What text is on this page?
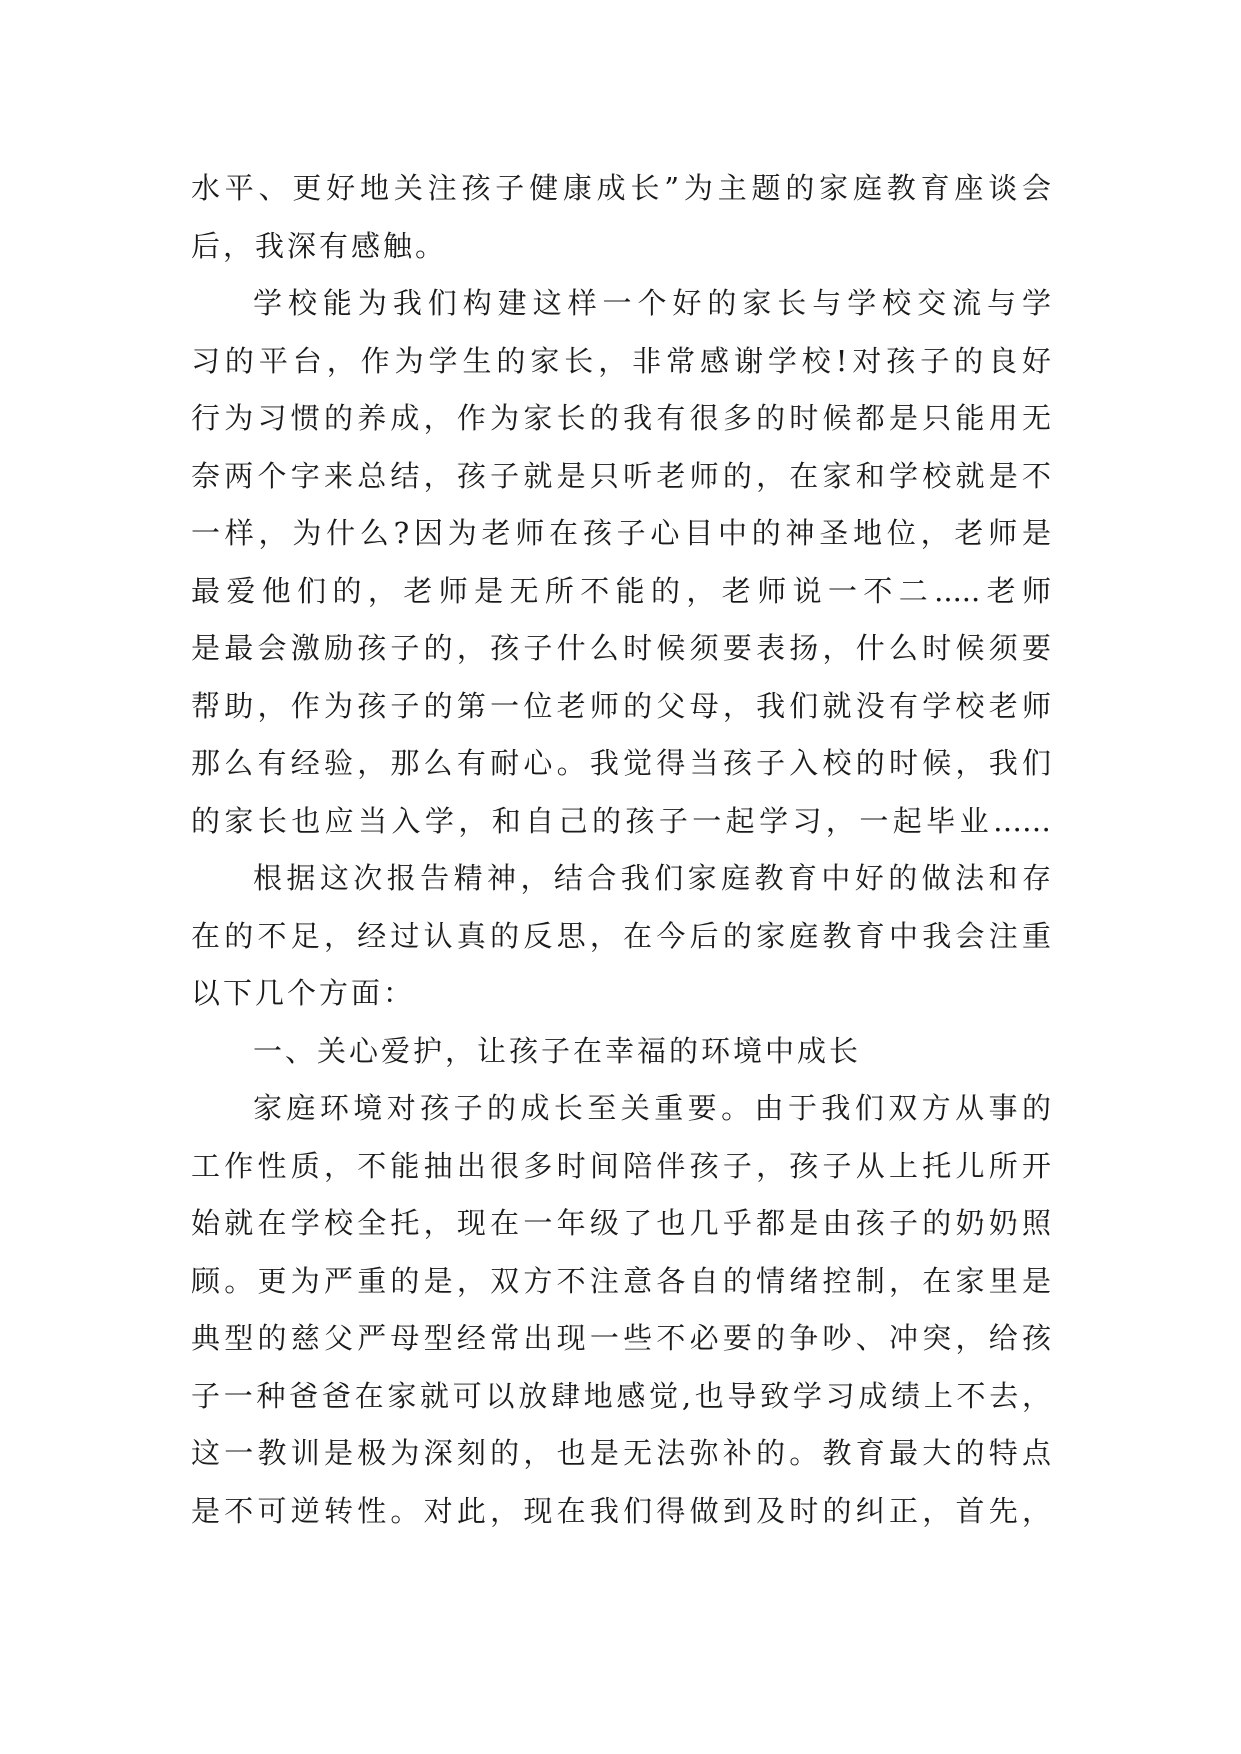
水平、更好地关注孩子健康成长”为主题的家庭教育座谈会
后，我深有感触。
学校能为我们构建这样一个好的家长与学校交流与学
习的平台，作为学生的家长，非常感谢学校!对孩子的良好
行为习惯的养成，作为家长的我有很多的时候都是只能用无
奈两个字来总结，孩子就是只听老师的，在家和学校就是不
一样，为什么?因为老师在孩子心目中的神圣地位，老师是
最爱他们的，老师是无所不能的，老师说一不二.....老师
是最会激励孩子的，孩子什么时候须要表扬，什么时候须要
帮助，作为孩子的第一位老师的父母，我们就没有学校老师
那么有经验，那么有耐心。我觉得当孩子入校的时候，我们
的家长也应当入学，和自己的孩子一起学习，一起毕业……
根据这次报告精神，结合我们家庭教育中好的做法和存
在的不足，经过认真的反思，在今后的家庭教育中我会注重
以下几个方面：
一、关心爱护，让孩子在幸福的环境中成长
家庭环境对孩子的成长至关重要。由于我们双方从事的
工作性质，不能抽出很多时间陪伴孩子，孩子从上托儿所开
始就在学校全托，现在一年级了也几乎都是由孩子的奶奶照
顾。更为严重的是，双方不注意各自的情绪控制，在家里是
典型的慈父严母型经常出现一些不必要的争吵、冲突，给孩
子一种爸爸在家就可以放肆地感觉,也导致学习成绩上不去，
这一教训是极为深刻的，也是无法弥补的。教育最大的特点
是不可逆转性。对此，现在我们得做到及时的纠正，首先，
